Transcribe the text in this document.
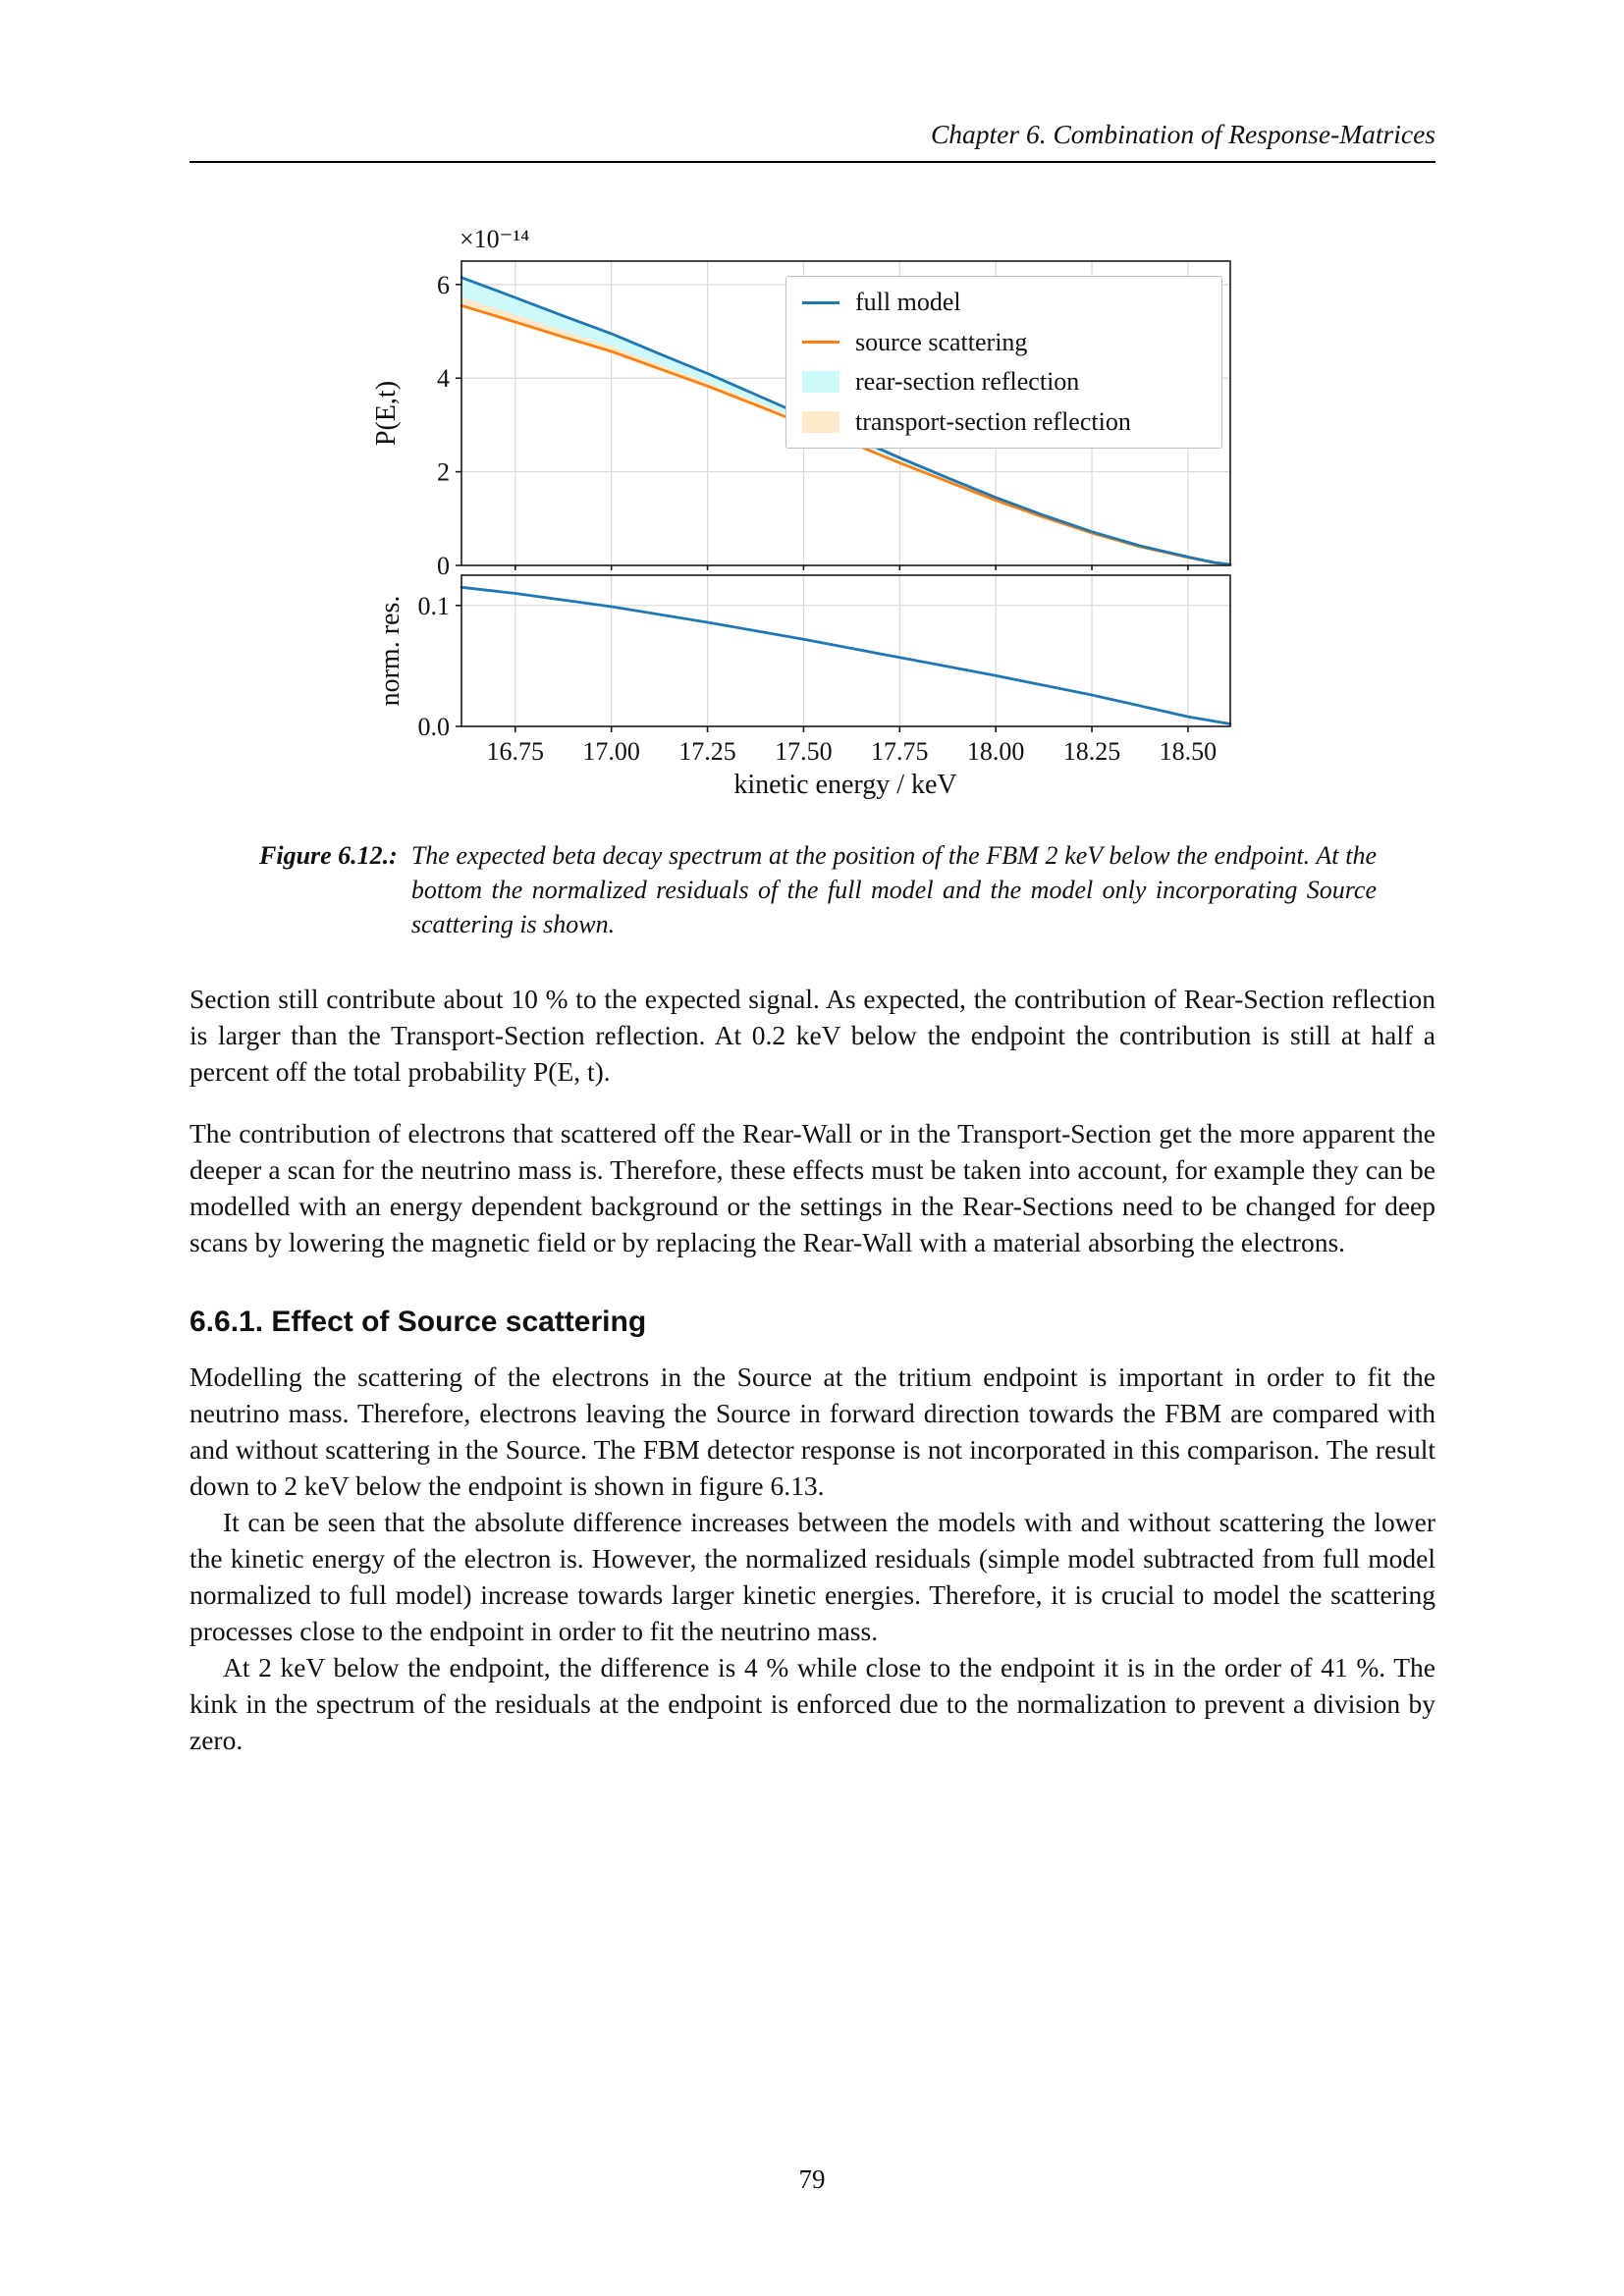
Chapter 6. Combination of Response-Matrices
16.75 17.00 17.25 17.50 17.75 18.00 18.25 18.50
0
2
4
6
0.0
0.1
×10⁻¹⁴
P(E,t)
norm. res.
kinetic energy / keV
full model
source scattering
rear-section reflection
transport-section reflection
Figure 6.12.: The expected beta decay spectrum at the position of the FBM 2 keV below the endpoint. At the bottom the normalized residuals of the full model and the model only incorporating Source scattering is shown.

Section still contribute about 10 % to the expected signal. As expected, the contribution of Rear-Section reflection is larger than the Transport-Section reflection. At 0.2 keV below the endpoint the contribution is still at half a percent off the total probability P(E, t).

The contribution of electrons that scattered off the Rear-Wall or in the Transport-Section get the more apparent the deeper a scan for the neutrino mass is. Therefore, these effects must be taken into account, for example they can be modelled with an energy dependent background or the settings in the Rear-Sections need to be changed for deep scans by lowering the magnetic field or by replacing the Rear-Wall with a material absorbing the electrons.

6.6.1. Effect of Source scattering

Modelling the scattering of the electrons in the Source at the tritium endpoint is important in order to fit the neutrino mass. Therefore, electrons leaving the Source in forward direction towards the FBM are compared with and without scattering in the Source. The FBM detector response is not incorporated in this comparison. The result down to 2 keV below the endpoint is shown in figure 6.13.

It can be seen that the absolute difference increases between the models with and without scattering the lower the kinetic energy of the electron is. However, the normalized residuals (simple model subtracted from full model normalized to full model) increase towards larger kinetic energies. Therefore, it is crucial to model the scattering processes close to the endpoint in order to fit the neutrino mass.

At 2 keV below the endpoint, the difference is 4 % while close to the endpoint it is in the order of 41 %. The kink in the spectrum of the residuals at the endpoint is enforced due to the normalization to prevent a division by zero.

79
